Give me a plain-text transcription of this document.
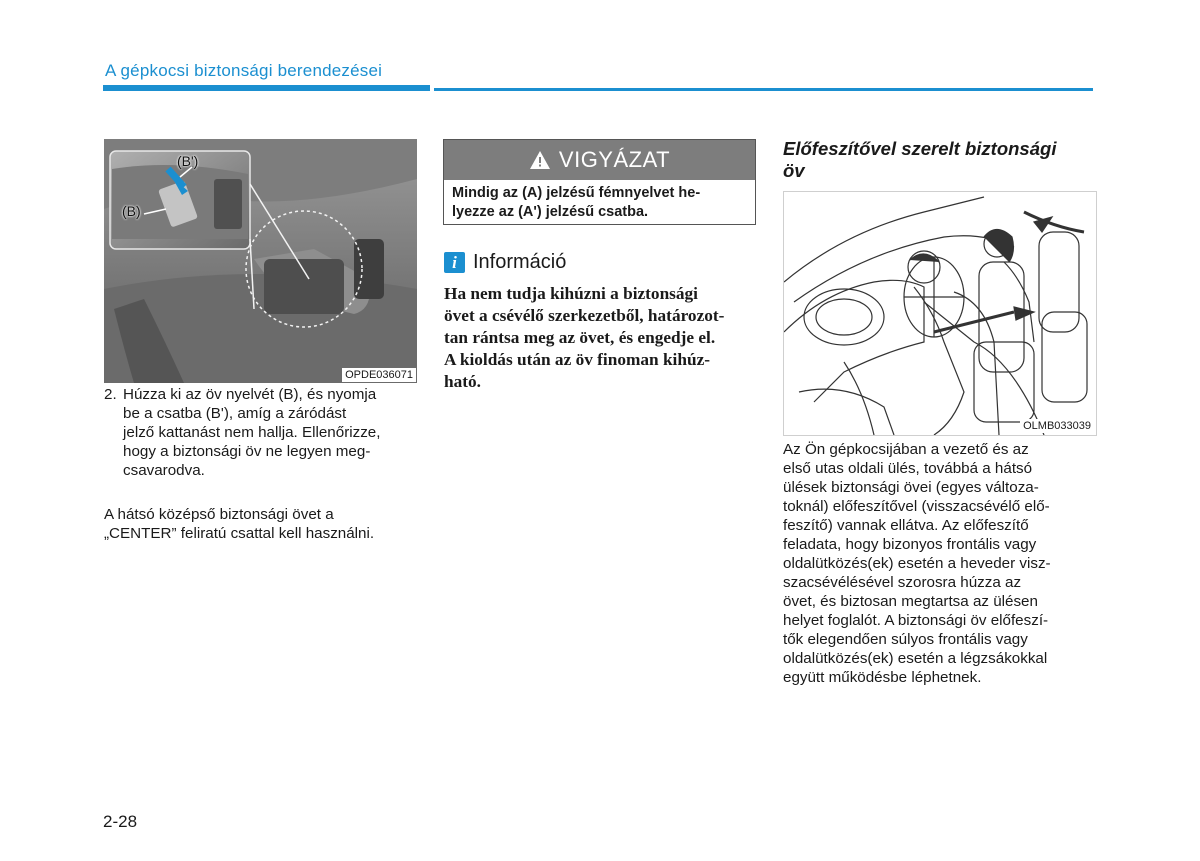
A gépkocsi biztonsági berendezései
(B')
(B)
OPDE036071
2. Húzza ki az öv nyelvét (B), és nyomja
be a csatba (B'), amíg a záródást
jelző kattanást nem hallja. Ellenőrizze,
hogy a biztonsági öv ne legyen meg-
csavarodva.
A hátsó középső biztonsági övet a
„CENTER” feliratú csattal kell használni.
VIGYÁZAT
Mindig az (A) jelzésű fémnyelvet he-
lyezze az (A') jelzésű csatba.
i Információ
Ha nem tudja kihúzni a biztonsági
övet a csévélő szerkezetből, határozot-
tan rántsa meg az övet, és engedje el.
A kioldás után az öv finoman kihúz-
ható.
Előfeszítővel szerelt biztonsági
öv
OLMB033039
Az Ön gépkocsijában a vezető és az
első utas oldali ülés, továbbá a hátsó
ülések biztonsági övei (egyes változa-
toknál) előfeszítővel (visszacsévélő elő-
feszítő) vannak ellátva. Az előfeszítő
feladata, hogy bizonyos frontális vagy
oldalütközés(ek) esetén a heveder visz-
szacsévélésével szorosra húzza az
övet, és biztosan megtartsa az ülésen
helyet foglalót. A biztonsági öv előfeszí-
tők elegendően súlyos frontális vagy
oldalütközés(ek) esetén a légzsákokkal
együtt működésbe léphetnek.
2-28
